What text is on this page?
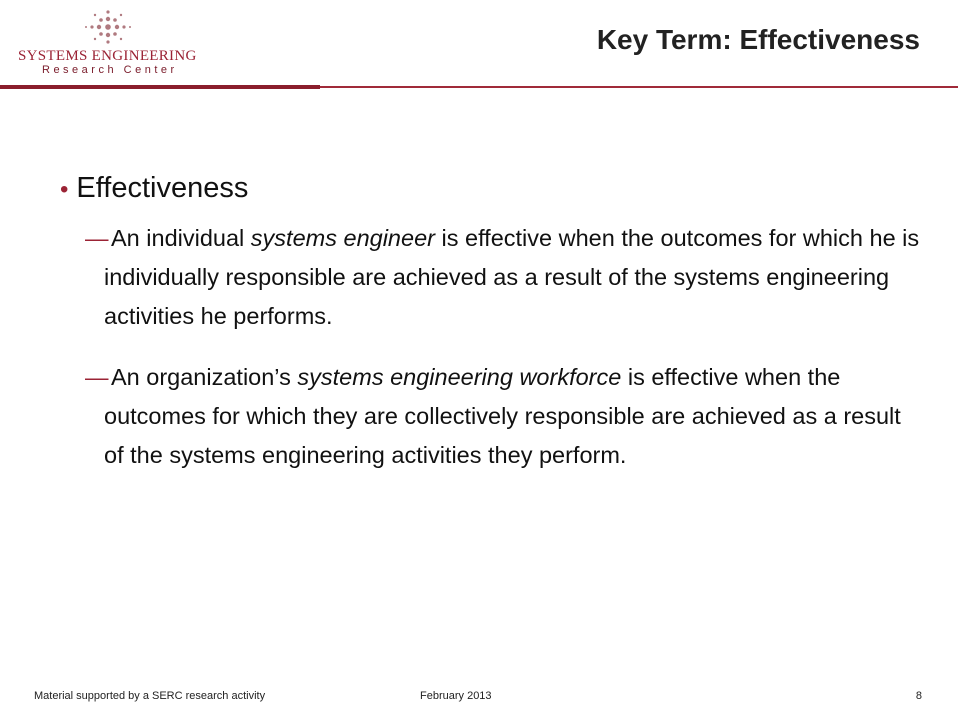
SYSTEMS ENGINEERING
Research Center
Key Term: Effectiveness
• Effectiveness
— An individual systems engineer is effective when the outcomes for which he is individually responsible are achieved as a result of the systems engineering activities he performs.
— An organization’s systems engineering workforce is effective when the outcomes for which they are collectively responsible are achieved as a result of the systems engineering activities they perform.
Material supported by a SERC research activity	February 2013	8
